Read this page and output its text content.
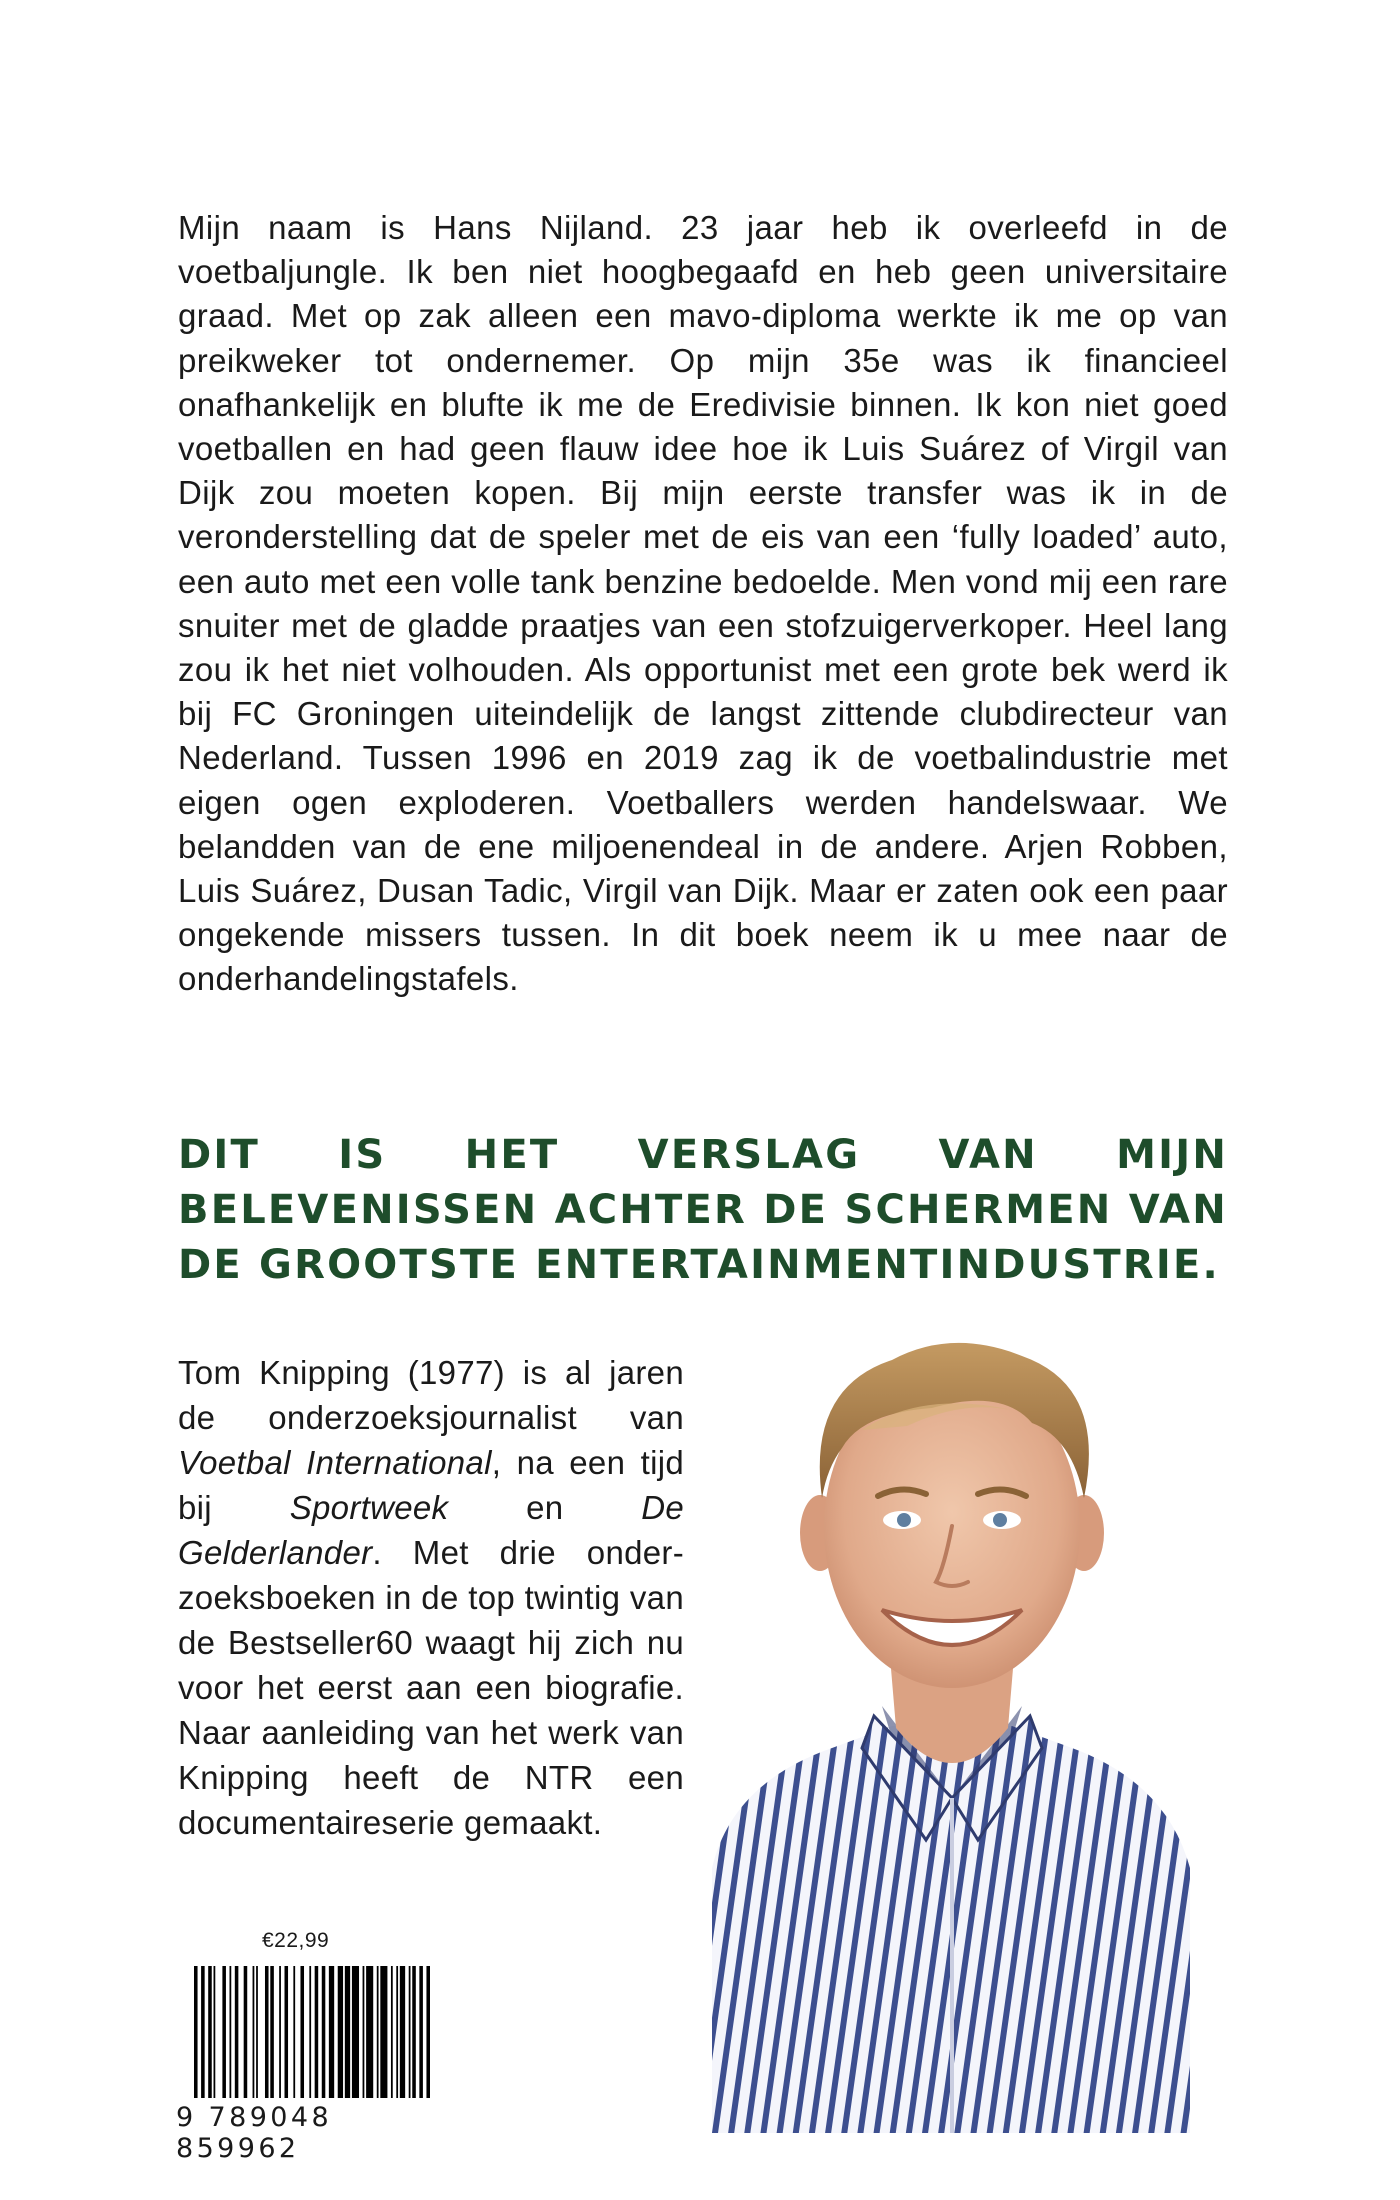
Mijn naam is Hans Nijland. 23 jaar heb ik overleefd in de voetbaljungle. Ik ben niet hoogbegaafd en heb geen universitaire graad. Met op zak alleen een mavo-diploma werkte ik me op van preikweker tot ondernemer. Op mijn 35e was ik financieel onafhankelijk en blufte ik me de Eredivisie binnen. Ik kon niet goed voetballen en had geen flauw idee hoe ik Luis Suárez of Virgil van Dijk zou moeten kopen. Bij mijn eerste transfer was ik in de veronderstelling dat de speler met de eis van een ‘fully loaded’ auto, een auto met een volle tank benzine bedoelde. Men vond mij een rare snuiter met de gladde praatjes van een stofzuigerverkoper. Heel lang zou ik het niet volhouden. Als opportunist met een grote bek werd ik bij FC Groningen uiteindelijk de langst zittende clubdirecteur van Nederland. Tussen 1996 en 2019 zag ik de voetbalindustrie met eigen ogen exploderen. Voetballers werden handelswaar. We belandden van de ene miljoenendeal in de andere. Arjen Robben, Luis Suárez, Dusan Tadic, Virgil van Dijk. Maar er zaten ook een paar ongekende missers tussen. In dit boek neem ik u mee naar de onderhandelingstafels.

DIT IS HET VERSLAG VAN MIJN BELEVENISSEN ACHTER DE SCHERMEN VAN DE GROOTSTE ENTERTAINMENTINDUSTRIE.

Tom Knipping (1977) is al jaren de onderzoeksjournalist van Voetbal International, na een tijd bij Sportweek en De Gelderlander. Met drie onder-zoeksboeken in de top twintig van de Bestseller60 waagt hij zich nu voor het eerst aan een biografie. Naar aanleiding van het werk van Knipping heeft de NTR een documentaireserie gemaakt.

€22,99
9 789048 859962
